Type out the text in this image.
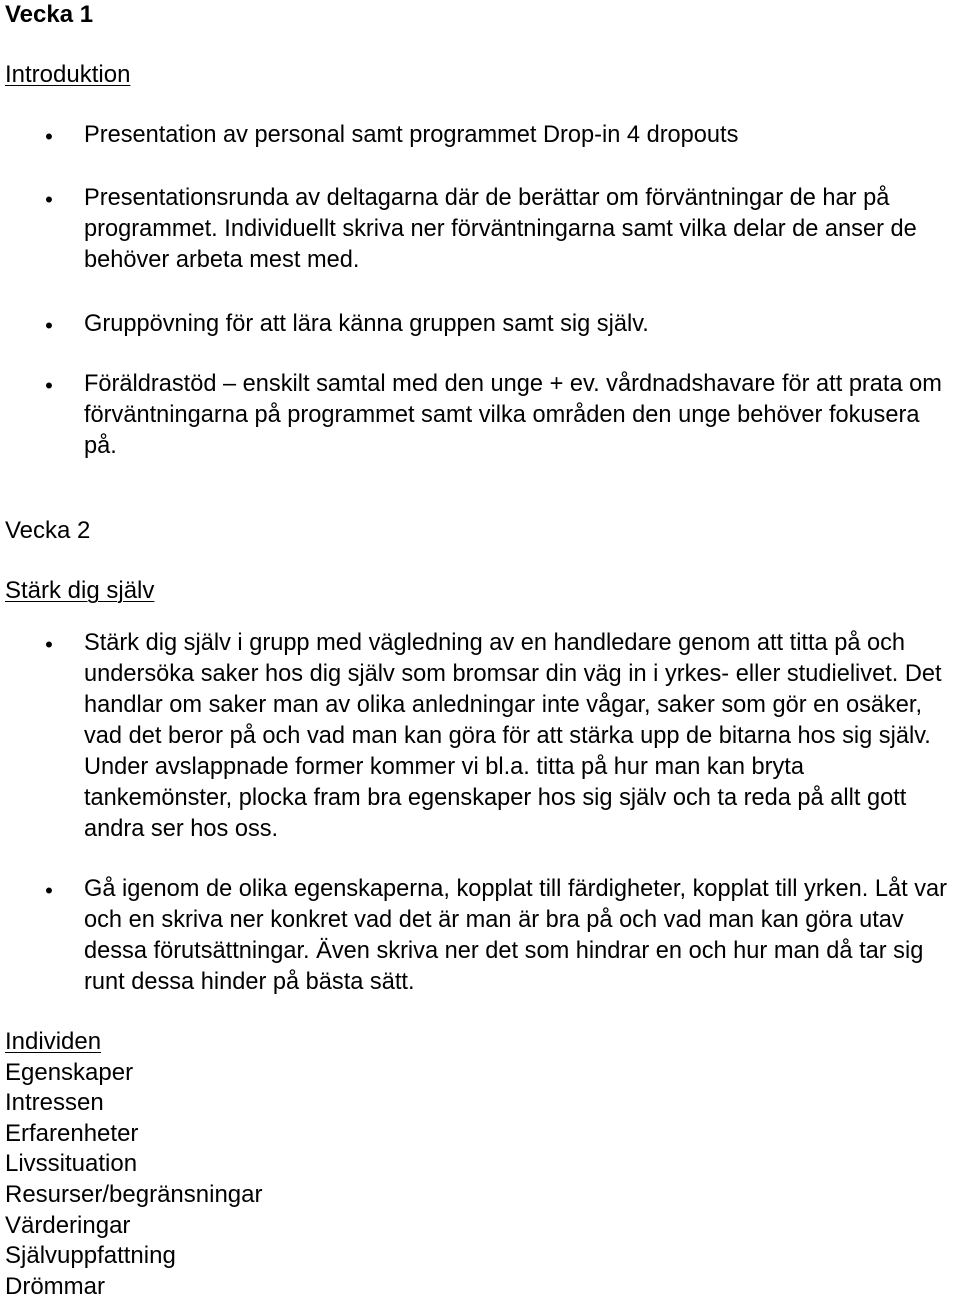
Vecka 1
Introduktion
• Presentation av personal samt programmet Drop-in 4 dropouts
• Presentationsrunda av deltagarna där de berättar om förväntningar de har på programmet. Individuellt skriva ner förväntningarna samt vilka delar de anser de behöver arbeta mest med.
• Gruppövning för att lära känna gruppen samt sig själv.
• Föräldrastöd – enskilt samtal med den unge + ev. vårdnadshavare för att prata om förväntningarna på programmet samt vilka områden den unge behöver fokusera på.
Vecka 2
Stärk dig själv
• Stärk dig själv i grupp med vägledning av en handledare genom att titta på och undersöka saker hos dig själv som bromsar din väg in i yrkes- eller studielivet. Det handlar om saker man av olika anledningar inte vågar, saker som gör en osäker, vad det beror på och vad man kan göra för att stärka upp de bitarna hos sig själv. Under avslappnade former kommer vi bl.a. titta på hur man kan bryta tankemönster, plocka fram bra egenskaper hos sig själv och ta reda på allt gott andra ser hos oss.
• Gå igenom de olika egenskaperna, kopplat till färdigheter, kopplat till yrken. Låt var och en skriva ner konkret vad det är man är bra på och vad man kan göra utav dessa förutsättningar. Även skriva ner det som hindrar en och hur man då tar sig runt dessa hinder på bästa sätt.
Individen
Egenskaper
Intressen
Erfarenheter
Livssituation
Resurser/begränsningar
Värderingar
Självuppfattning
Drömmar
